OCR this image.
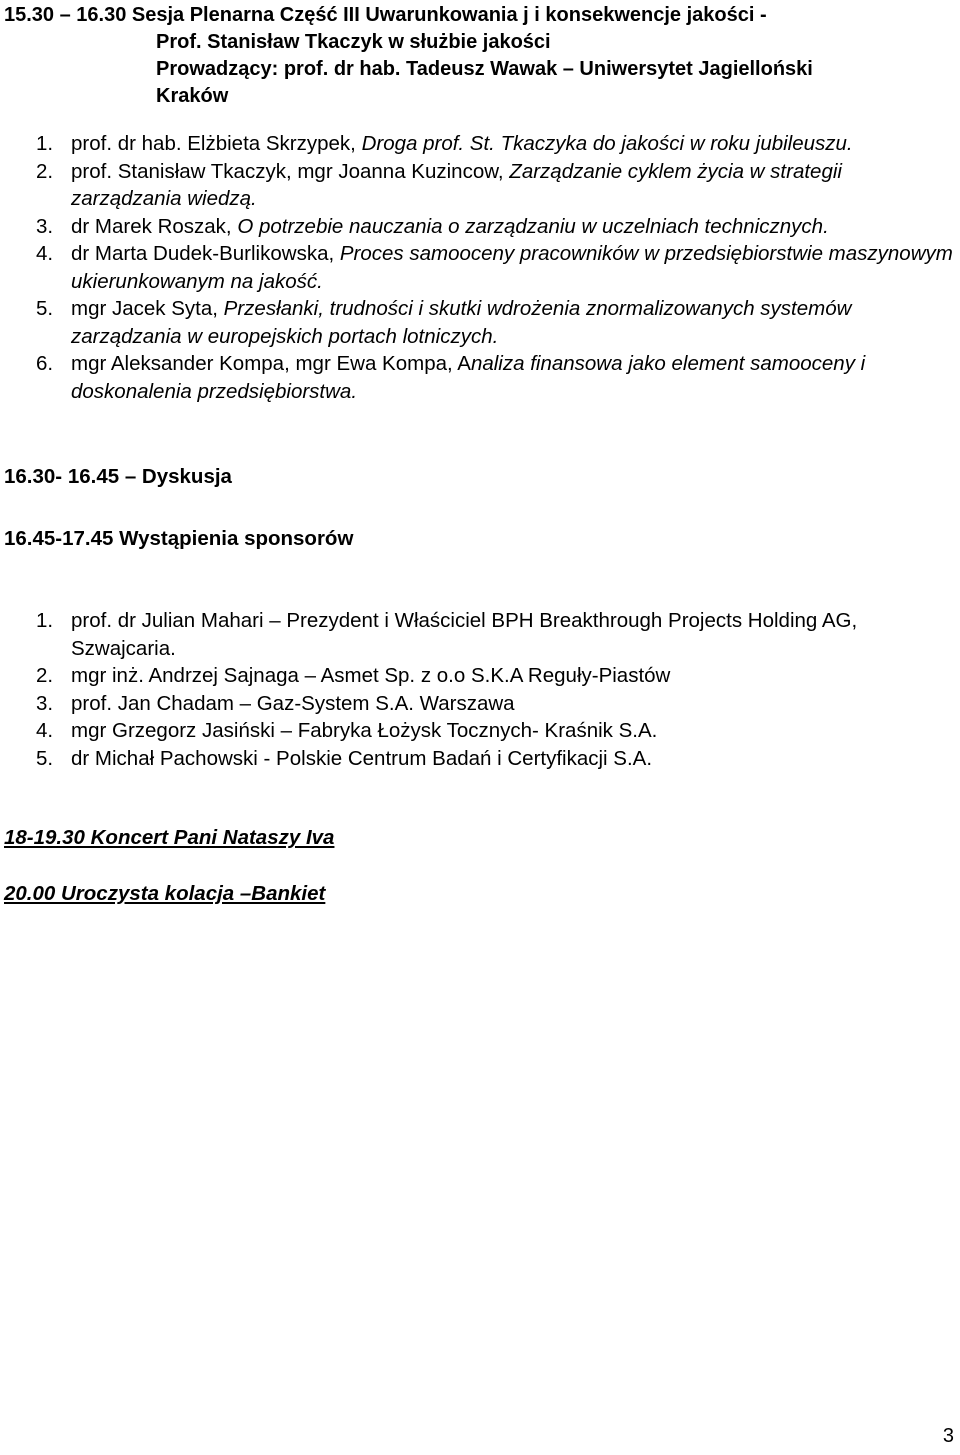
15.30 – 16.30 Sesja Plenarna Część III Uwarunkowania j i konsekwencje jakości -
Prof. Stanisław Tkaczyk w służbie jakości
Prowadzący: prof. dr hab. Tadeusz Wawak – Uniwersytet Jagielloński
Kraków
1. prof. dr hab. Elżbieta Skrzypek, Droga prof. St. Tkaczyka do jakości w roku jubileuszu.
2. prof. Stanisław Tkaczyk, mgr Joanna Kuzincow, Zarządzanie cyklem życia w strategii zarządzania wiedzą.
3. dr Marek Roszak, O potrzebie nauczania o zarządzaniu w uczelniach technicznych.
4. dr Marta Dudek-Burlikowska, Proces samooceny pracowników w przedsiębiorstwie maszynowym ukierunkowanym na jakość.
5. mgr Jacek Syta, Przesłanki, trudności i skutki wdrożenia znormalizowanych systemów zarządzania w europejskich portach lotniczych.
6. mgr Aleksander Kompa, mgr Ewa Kompa, Analiza finansowa jako element samooceny i doskonalenia przedsiębiorstwa.

16.30- 16.45 – Dyskusja

16.45-17.45 Wystąpienia sponsorów

1. prof. dr Julian Mahari – Prezydent i Właściciel BPH Breakthrough Projects Holding AG, Szwajcaria.
2. mgr inż. Andrzej Sajnaga – Asmet Sp. z o.o S.K.A Reguły-Piastów
3. prof. Jan Chadam – Gaz-System S.A. Warszawa
4. mgr Grzegorz Jasiński – Fabryka Łożysk Tocznych- Kraśnik S.A.
5. dr Michał Pachowski - Polskie Centrum Badań i Certyfikacji S.A.

18-19.30 Koncert Pani Nataszy Iva

20.00 Uroczysta kolacja –Bankiet

3
